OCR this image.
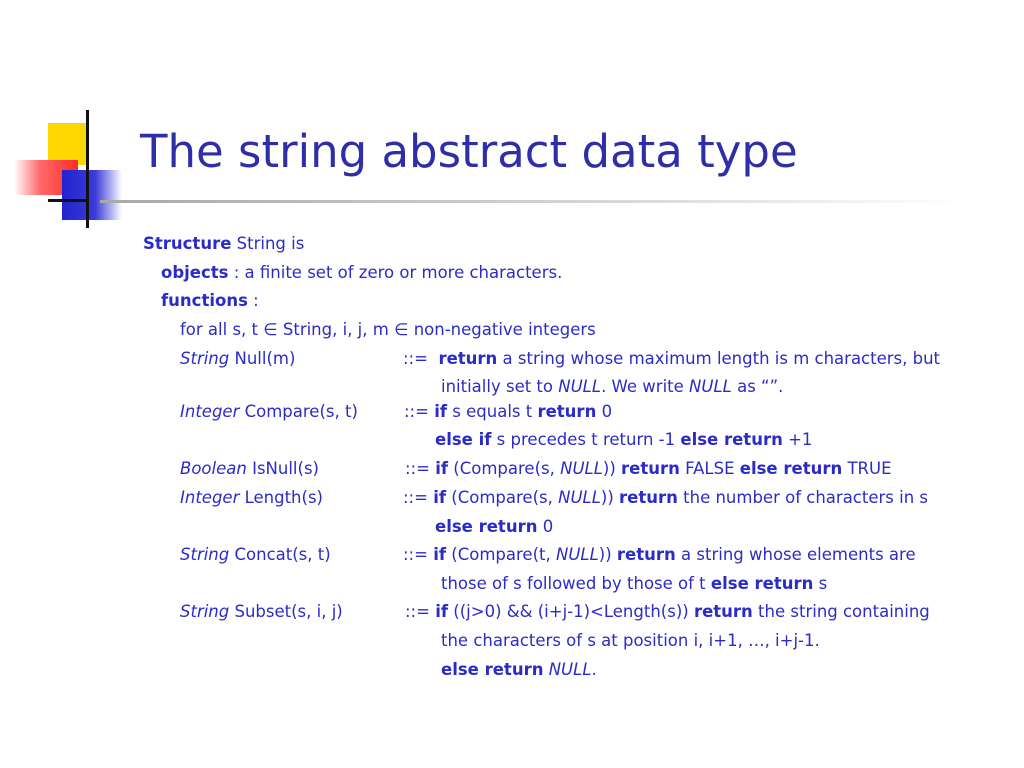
The string abstract data type
Structure String is
objects : a finite set of zero or more characters.
functions :
for all s, t ∈ String, i, j, m ∈ non-negative integers
String Null(m)	::= return a string whose maximum length is m characters, but
initially set to NULL. We write NULL as “”.
Integer Compare(s, t)	::= if s equals t return 0
else if s precedes t return -1 else return +1
Boolean IsNull(s)	::= if (Compare(s, NULL)) return FALSE else return TRUE
Integer Length(s)	::= if (Compare(s, NULL)) return the number of characters in s
else return 0
String Concat(s, t)	::= if (Compare(t, NULL)) return a string whose elements are
those of s followed by those of t else return s
String Subset(s, i, j)	::= if ((j>0) && (i+j-1)<Length(s)) return the string containing
the characters of s at position i, i+1, …, i+j-1.
else return NULL.
